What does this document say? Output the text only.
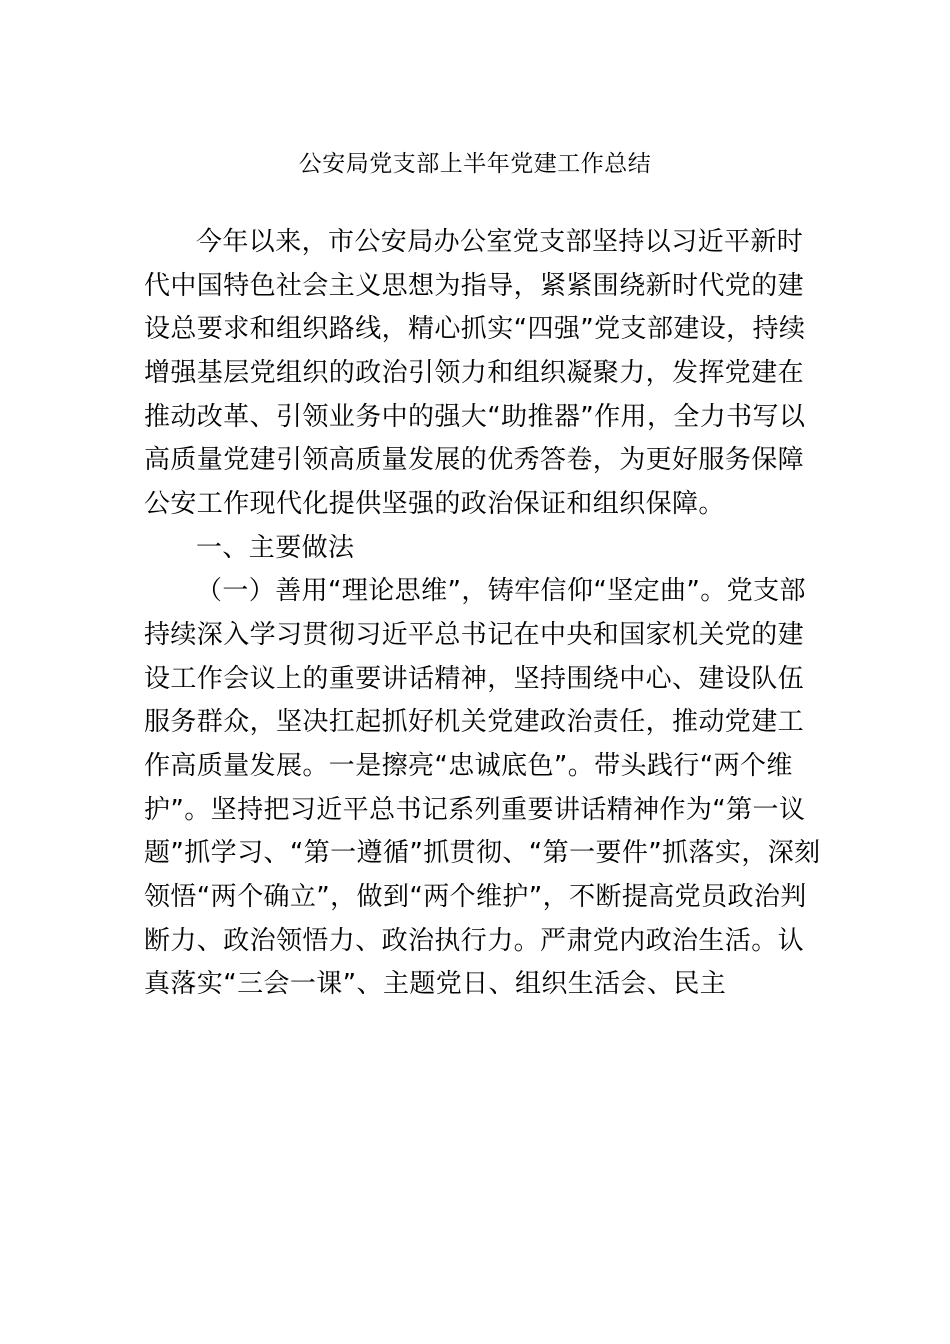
公安局党支部上半年党建工作总结
今年以来，市公安局办公室党支部坚持以习近平新时
代中国特色社会主义思想为指导，紧紧围绕新时代党的建
设总要求和组织路线，精心抓实“四强”党支部建设，持续
增强基层党组织的政治引领力和组织凝聚力，发挥党建在
推动改革、引领业务中的强大“助推器”作用，全力书写以
高质量党建引领高质量发展的优秀答卷，为更好服务保障
公安工作现代化提供坚强的政治保证和组织保障。
一、主要做法
（一）善用“理论思维”，铸牢信仰“坚定曲”。党支部
持续深入学习贯彻习近平总书记在中央和国家机关党的建
设工作会议上的重要讲话精神，坚持围绕中心、建设队伍
服务群众，坚决扛起抓好机关党建政治责任，推动党建工
作高质量发展。一是擦亮“忠诚底色”。带头践行“两个维
护”。坚持把习近平总书记系列重要讲话精神作为“第一议
题”抓学习、“第一遵循”抓贯彻、“第一要件”抓落实，深刻
领悟“两个确立”，做到“两个维护”，不断提高党员政治判
断力、政治领悟力、政治执行力。严肃党内政治生活。认
真落实“三会一课”、主题党日、组织生活会、民主
